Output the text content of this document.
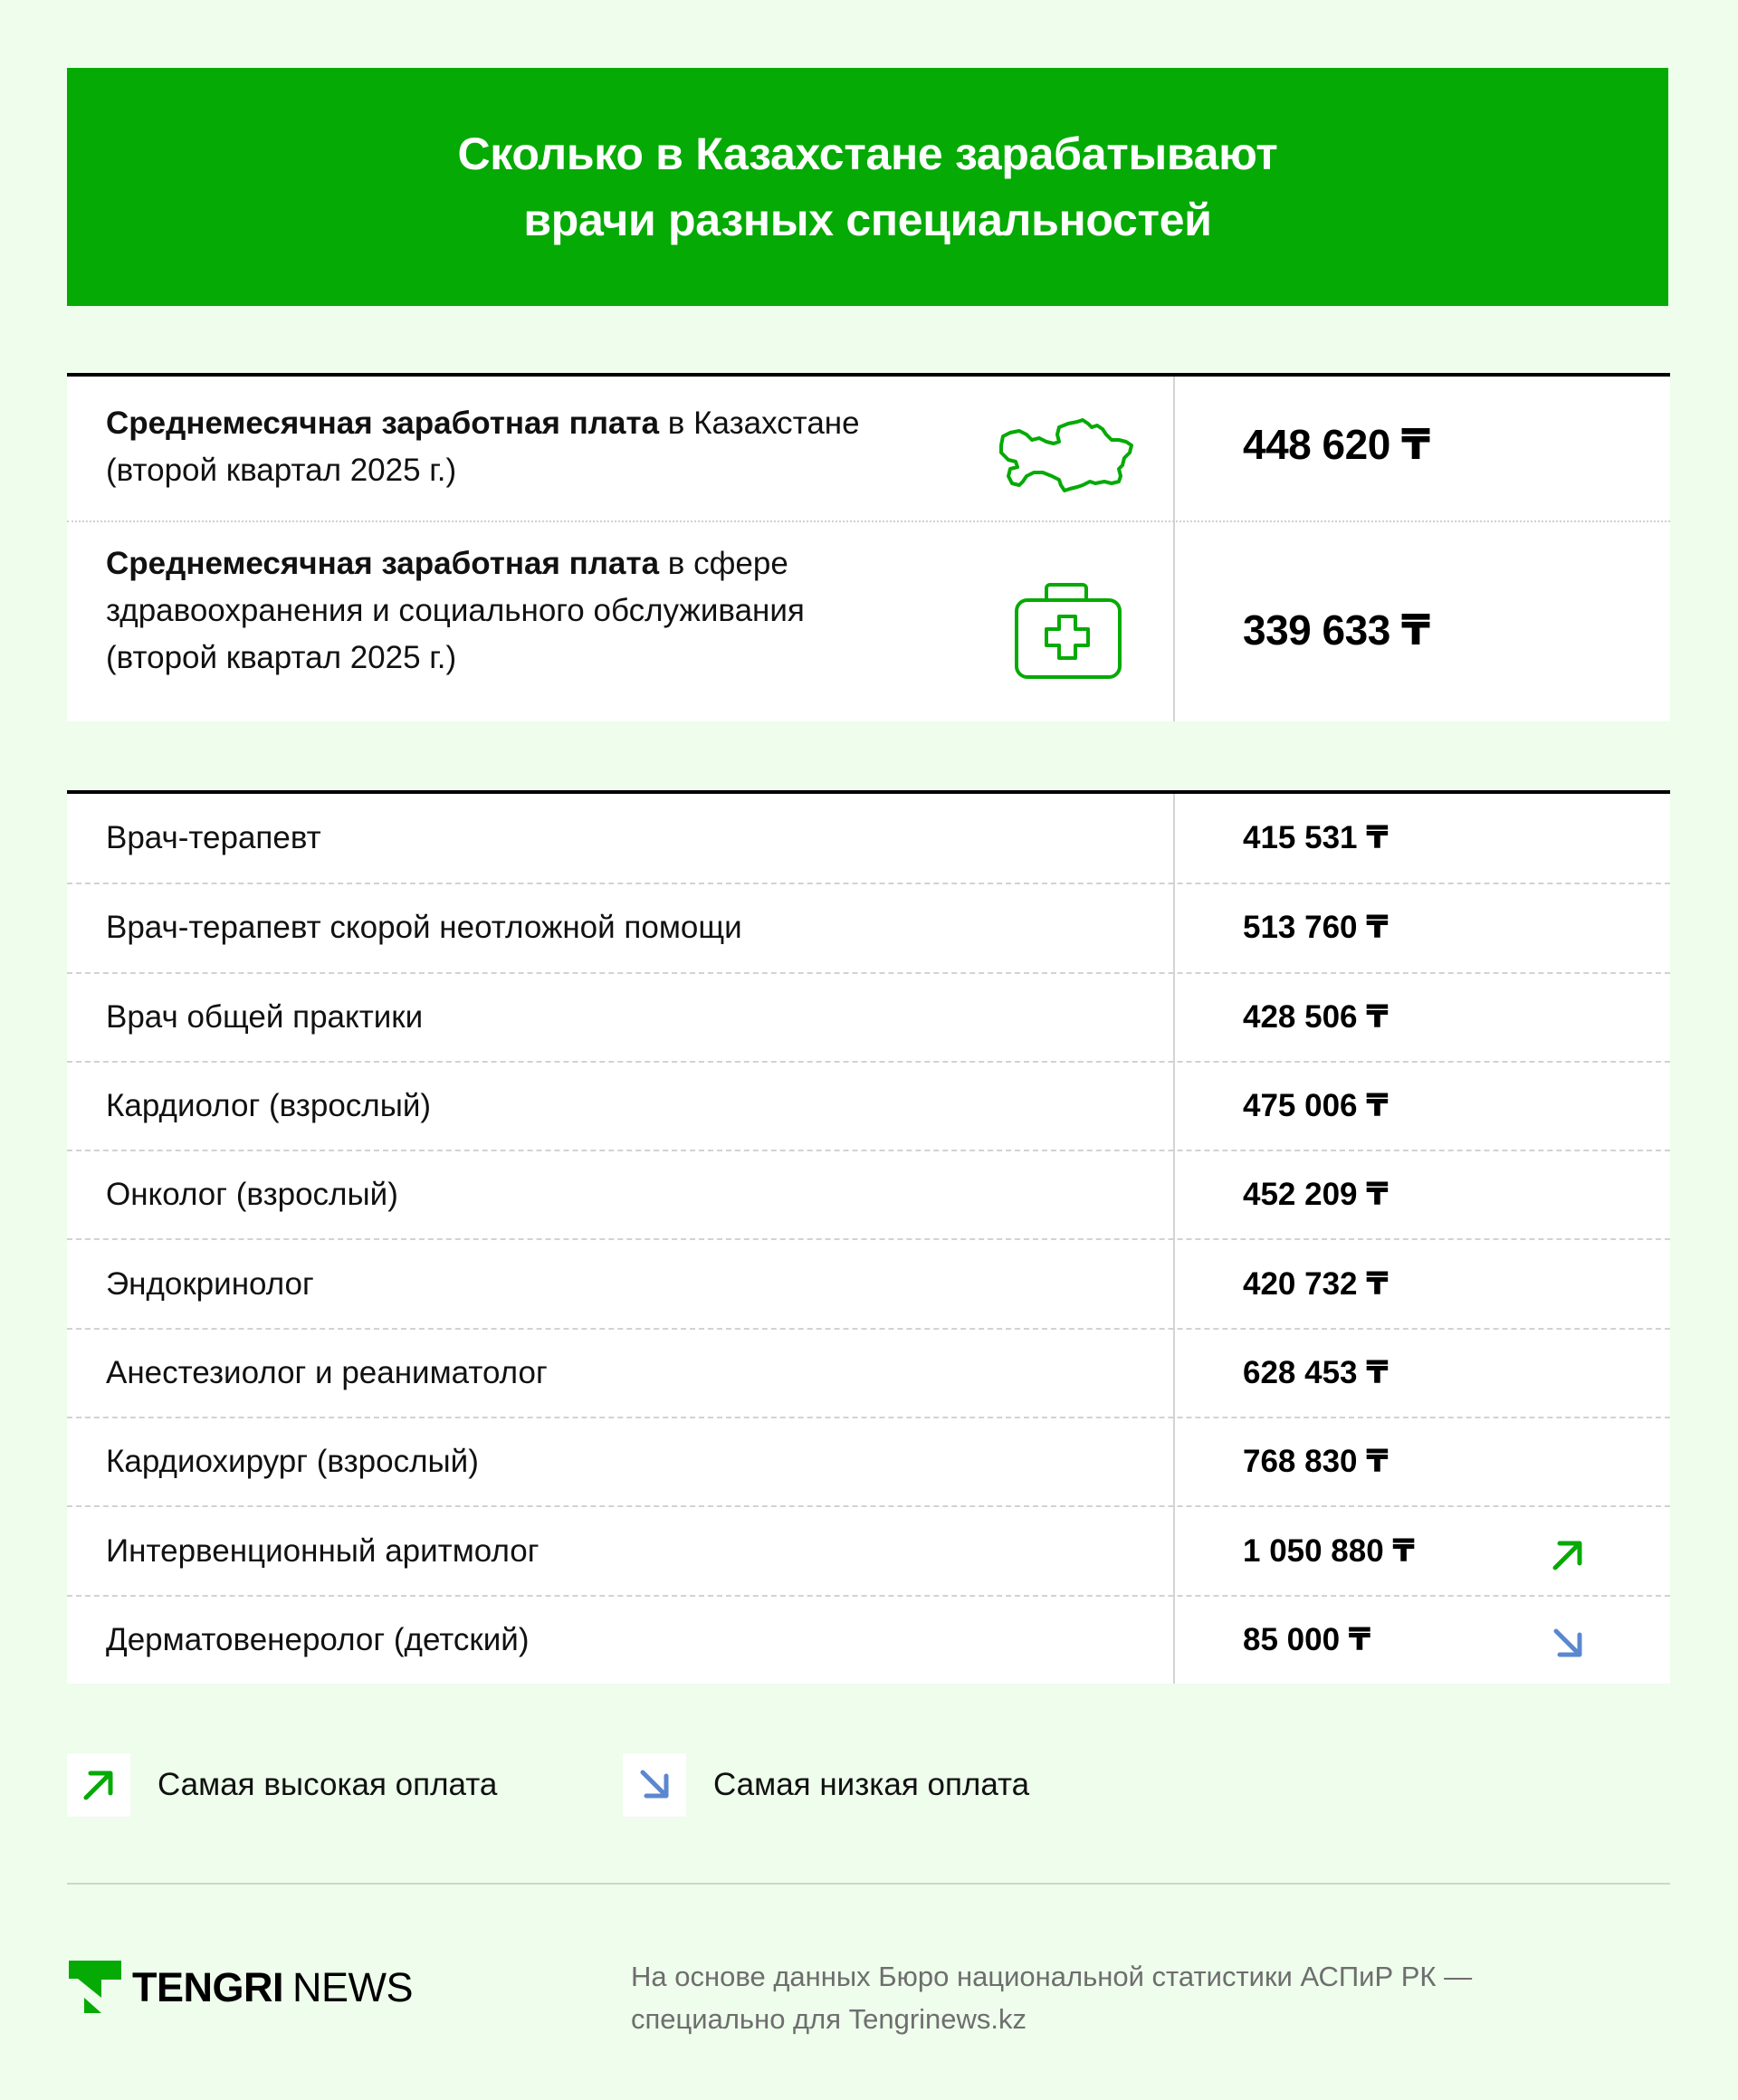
Сколько в Казахстане зарабатывают
врачи разных специальностей
Среднемесячная заработная плата в Казахстане
(второй квартал 2025 г.)
448 620 ₸
Среднемесячная заработная плата в сфере
здравоохранения и социального обслуживания
(второй квартал 2025 г.)
339 633 ₸
Врач-терапевт	415 531 ₸
Врач-терапевт скорой неотложной помощи	513 760 ₸
Врач общей практики	428 506 ₸
Кардиолог (взрослый)	475 006 ₸
Онколог (взрослый)	452 209 ₸
Эндокринолог	420 732 ₸
Анестезиолог и реаниматолог	628 453 ₸
Кардиохирург (взрослый)	768 830 ₸
Интервенционный аритмолог	1 050 880 ₸
Дерматовенеролог (детский)	85 000 ₸
Самая высокая оплата	Самая низкая оплата
TENGRI NEWS	На основе данных Бюро национальной статистики АСПиР РК —
специально для Tengrinews.kz
